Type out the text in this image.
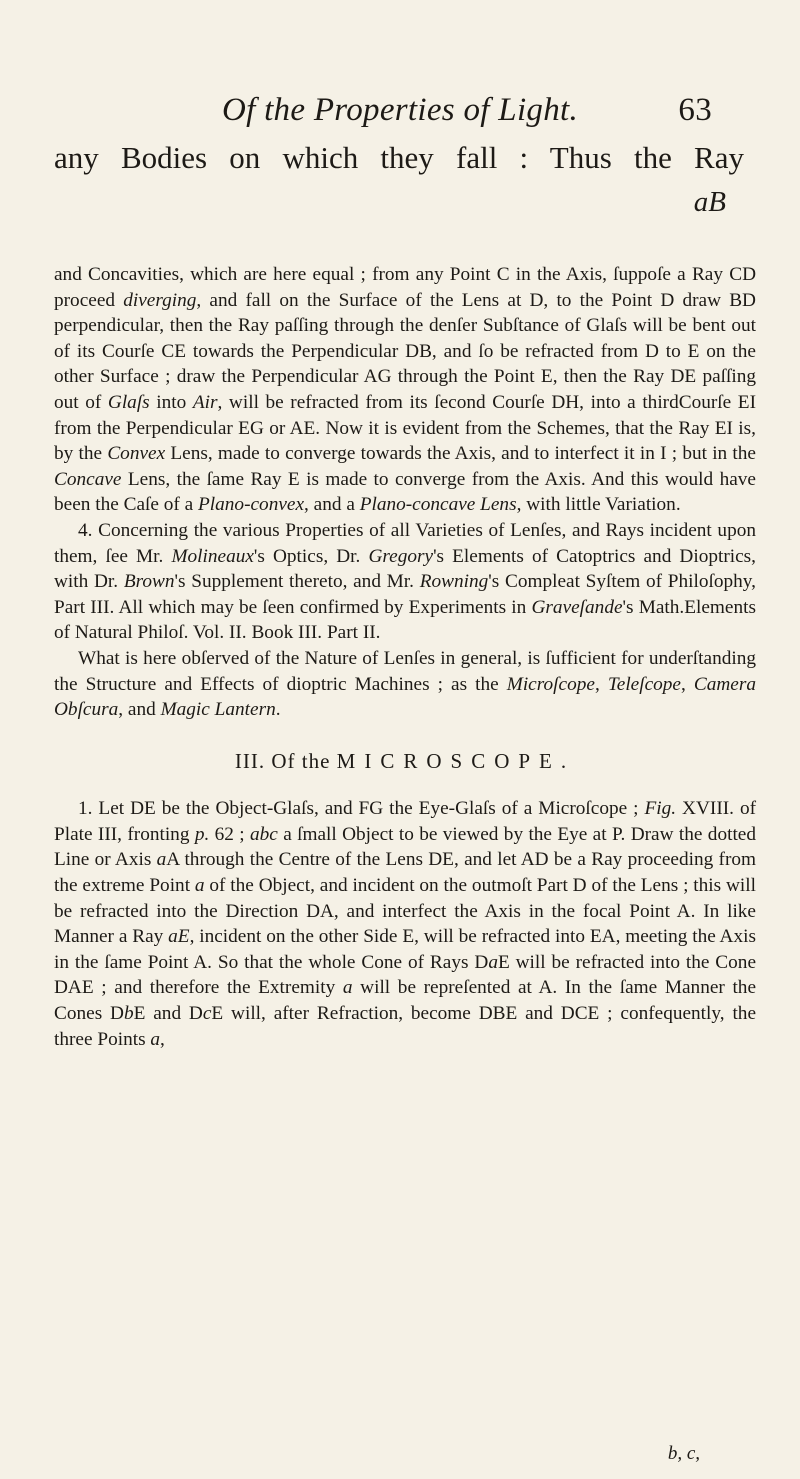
Of the Properties of Light.	63
any Bodies on which they fall : Thus the Ray
aB

and Concavities, which are here equal ; from any Point C in the Axis, ſuppoſe a Ray CD proceed diverging, and fall on the Surface of the Lens at D, to the Point D draw BD perpendicular, then the Ray paſſing through the denſer Subſtance of Glaſs will be bent out of its Courſe CE towards the Perpendicular DB, and ſo be refracted from D to E on the other Surface ; draw the Perpendicular AG through the Point E, then the Ray DE paſſing out of Glaſs into Air, will be refracted from its ſecond Courſe DH, into a thirdCourſe EI from the Perpendicular EG or AE. Now it is evident from the Schemes, that the Ray EI is, by the Convex Lens, made to converge towards the Axis, and to interfect it in I ; but in the Concave Lens, the ſame Ray E is made to converge from the Axis. And this would have been the Caſe of a Plano-convex, and a Plano-concave Lens, with little Variation.

4. Concerning the various Properties of all Varieties of Lenſes, and Rays incident upon them, ſee Mr. Molineaux's Optics, Dr. Gregory's Elements of Catoptrics and Dioptrics, with Dr. Brown's Supplement thereto, and Mr. Rowning's Compleat Syſtem of Philoſophy, Part III. All which may be ſeen confirmed by Experiments in Graveſande's Math.Elements of Natural Philoſ. Vol. II. Book III. Part II.

What is here obſerved of the Nature of Lenſes in general, is ſufficient for underſtanding the Structure and Effects of dioptric Machines ; as the Microſcope, Teleſcope, Camera Obſcura, and Magic Lantern.

III. Of the MICROSCOPE.

1. Let DE be the Object-Glaſs, and FG the Eye-Glaſs of a Microſcope ; Fig. XVIII. of Plate III, fronting p. 62 ; abc a ſmall Object to be viewed by the Eye at P. Draw the dotted Line or Axis aA through the Centre of the Lens DE, and let AD be a Ray proceeding from the extreme Point a of the Object, and incident on the outmoſt Part D of the Lens ; this will be refracted into the Direction DA, and interfect the Axis in the focal Point A. In like Manner a Ray aE, incident on the other Side E, will be refracted into EA, meeting the Axis in the ſame Point A. So that the whole Cone of Rays DaE will be refracted into the Cone DAE ; and therefore the Extremity a will be repreſented at A. In the ſame Manner the Cones DbE and DcE will, after Refraction, become DBE and DCE ; confequently, the three Points a,

b, c,
